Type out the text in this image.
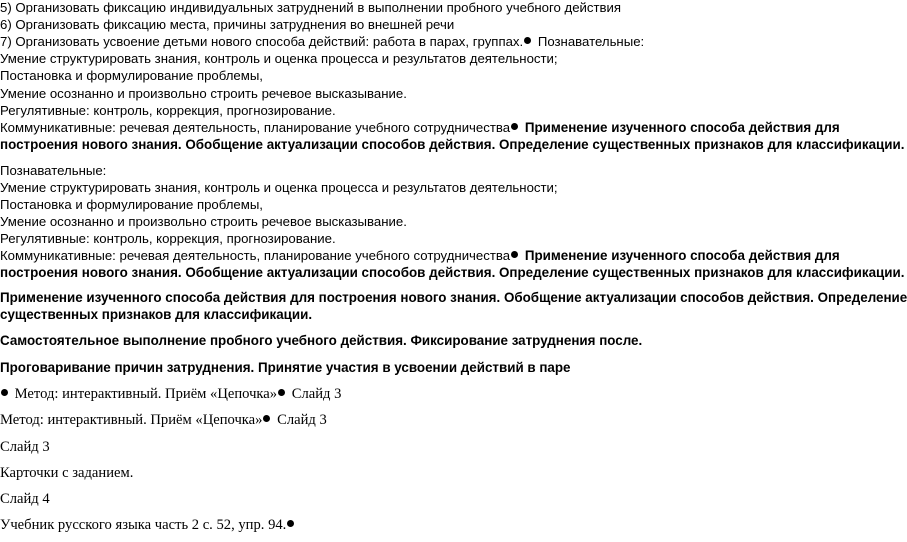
5) Организовать фиксацию индивидуальных затруднений в выполнении пробного учебного действия
6) Организовать фиксацию места, причины затруднения во внешней речи
7) Организовать усвоение детьми нового способа действий: работа в парах, группах. Познавательные:
Умение структурировать знания, контроль и оценка процесса и результатов деятельности;
Постановка и формулирование проблемы,
Умение осознанно и произвольно строить речевое высказывание.
Регулятивные: контроль, коррекция, прогнозирование.
Коммуникативные: речевая деятельность, планирование учебного сотрудничества Применение изученного способа действия для
построения нового знания. Обобщение актуализации способов действия. Определение существенных признаков для классификации.
Познавательные:
Умение структурировать знания, контроль и оценка процесса и результатов деятельности;
Постановка и формулирование проблемы,
Умение осознанно и произвольно строить речевое высказывание.
Регулятивные: контроль, коррекция, прогнозирование.
Коммуникативные: речевая деятельность, планирование учебного сотрудничества Применение изученного способа действия для
построения нового знания. Обобщение актуализации способов действия. Определение существенных признаков для классификации.
Применение изученного способа действия для построения нового знания. Обобщение актуализации способов действия. Определение
существенных признаков для классификации.
Самостоятельное выполнение пробного учебного действия. Фиксирование затруднения после.
Проговаривание причин затруднения. Принятие участия в усвоении действий в паре
Метод: интерактивный. Приём «Цепочка» Слайд 3
Метод: интерактивный. Приём «Цепочка» Слайд 3
Слайд 3
Карточки с заданием.
Слайд 4
Учебник русского языка часть 2 с. 52, упр. 94.
